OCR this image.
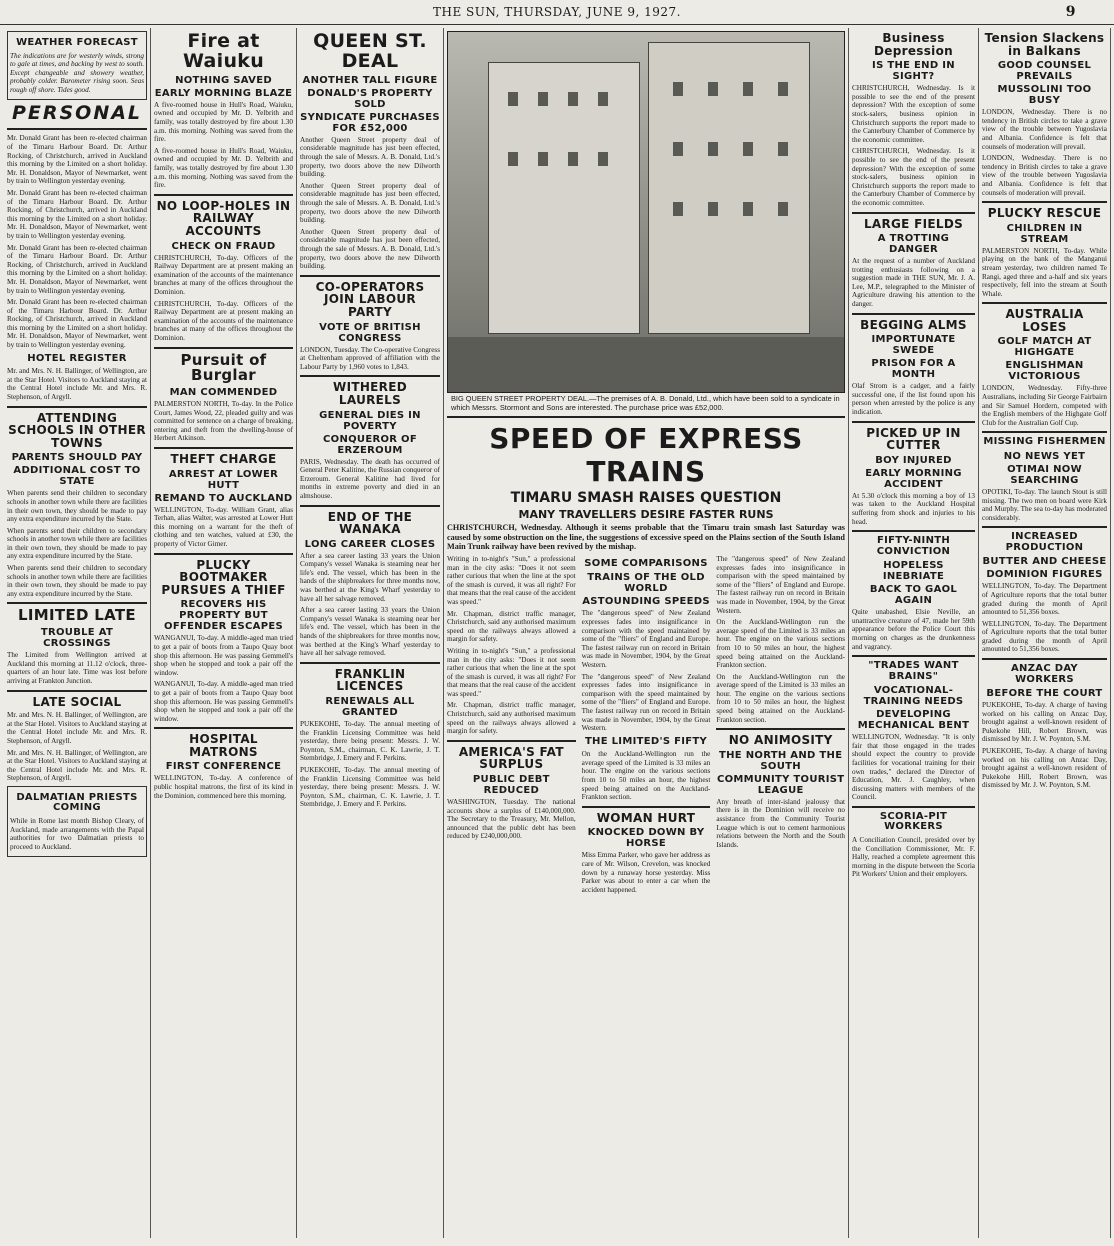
THE SUN, THURSDAY, JUNE 9, 1927.	9
WEATHER FORECAST

The indications are for westerly winds, strong to gale at times, and backing by west to south. Except changeable and showery weather, probably colder. Barometer rising soon. Seas rough off shore. Tides good.

PERSONAL

Mr. Donald Grant has been re-elected chairman of the Timaru Harbour Board. Dr. Arthur Rocking, of Christchurch, arrived in Auckland this morning by the Limited on a short holiday. Mr. H. Donaldson, Mayor of Newmarket, went by train to Wellington yesterday evening.

Mr. Donald Grant has been re-elected chairman of the Timaru Harbour Board. Dr. Arthur Rocking, of Christchurch, arrived in Auckland this morning by the Limited on a short holiday. Mr. H. Donaldson, Mayor of Newmarket, went by train to Wellington yesterday evening.

Mr. Donald Grant has been re-elected chairman of the Timaru Harbour Board. Dr. Arthur Rocking, of Christchurch, arrived in Auckland this morning by the Limited on a short holiday. Mr. H. Donaldson, Mayor of Newmarket, went by train to Wellington yesterday evening.

Mr. Donald Grant has been re-elected chairman of the Timaru Harbour Board. Dr. Arthur Rocking, of Christchurch, arrived in Auckland this morning by the Limited on a short holiday. Mr. H. Donaldson, Mayor of Newmarket, went by train to Wellington yesterday evening.

HOTEL REGISTER

Mr. and Mrs. N. H. Ballinger, of Wellington, are at the Star Hotel. Visitors to Auckland staying at the Central Hotel include Mr. and Mrs. R. Stephenson, of Argyll.

ATTENDING SCHOOLS IN OTHER TOWNS
PARENTS SHOULD PAY
ADDITIONAL COST TO STATE

When parents send their children to secondary schools in another town while there are facilities in their own town, they should be made to pay any extra expenditure incurred by the State.

When parents send their children to secondary schools in another town while there are facilities in their own town, they should be made to pay any extra expenditure incurred by the State.

When parents send their children to secondary schools in another town while there are facilities in their own town, they should be made to pay any extra expenditure incurred by the State.

LIMITED LATE
TROUBLE AT CROSSINGS

The Limited from Wellington arrived at Auckland this morning at 11.12 o'clock, three-quarters of an hour late. Time was lost before arriving at Frankton Junction.

LATE SOCIAL

Mr. and Mrs. N. H. Ballinger, of Wellington, are at the Star Hotel. Visitors to Auckland staying at the Central Hotel include Mr. and Mrs. R. Stephenson, of Argyll.

Mr. and Mrs. N. H. Ballinger, of Wellington, are at the Star Hotel. Visitors to Auckland staying at the Central Hotel include Mr. and Mrs. R. Stephenson, of Argyll.

DALMATIAN PRIESTS COMING

While in Rome last month Bishop Cleary, of Auckland, made arrangements with the Papal authorities for two Dalmatian priests to proceed to Auckland.

Fire at Waiuku
NOTHING SAVED
EARLY MORNING BLAZE

A five-roomed house in Hull's Road, Waiuku, owned and occupied by Mr. D. Yelbrith and family, was totally destroyed by fire about 1.30 a.m. this morning. Nothing was saved from the fire.

A five-roomed house in Hull's Road, Waiuku, owned and occupied by Mr. D. Yelbrith and family, was totally destroyed by fire about 1.30 a.m. this morning. Nothing was saved from the fire.

NO LOOP-HOLES IN RAILWAY ACCOUNTS
CHECK ON FRAUD

CHRISTCHURCH, To-day. Officers of the Railway Department are at present making an examination of the accounts of the maintenance branches at many of the offices throughout the Dominion.

CHRISTCHURCH, To-day. Officers of the Railway Department are at present making an examination of the accounts of the maintenance branches at many of the offices throughout the Dominion.

Pursuit of Burglar
MAN COMMENDED

PALMERSTON NORTH, To-day. In the Police Court, James Wood, 22, pleaded guilty and was committed for sentence on a charge of breaking, entering and theft from the dwelling-house of Herbert Atkinson.

THEFT CHARGE
ARREST AT LOWER HUTT
REMAND TO AUCKLAND

WELLINGTON, To-day. William Grant, alias Terhan, alias Walter, was arrested at Lower Hutt this morning on a warrant for the theft of clothing and ten watches, valued at £30, the property of Victor Gimer.

PLUCKY BOOTMAKER PURSUES A THIEF
RECOVERS HIS PROPERTY BUT OFFENDER ESCAPES

WANGANUI, To-day. A middle-aged man tried to get a pair of boots from a Taupo Quay boot shop this afternoon. He was passing Gemmell's shop when he stopped and took a pair off the window.

WANGANUI, To-day. A middle-aged man tried to get a pair of boots from a Taupo Quay boot shop this afternoon. He was passing Gemmell's shop when he stopped and took a pair off the window.

HOSPITAL MATRONS
FIRST CONFERENCE

WELLINGTON, To-day. A conference of public hospital matrons, the first of its kind in the Dominion, commenced here this morning.

QUEEN ST. DEAL
ANOTHER TALL FIGURE
DONALD'S PROPERTY SOLD
SYNDICATE PURCHASES FOR £52,000

Another Queen Street property deal of considerable magnitude has just been effected, through the sale of Messrs. A. B. Donald, Ltd.'s property, two doors above the new Dilworth building.

Another Queen Street property deal of considerable magnitude has just been effected, through the sale of Messrs. A. B. Donald, Ltd.'s property, two doors above the new Dilworth building.

Another Queen Street property deal of considerable magnitude has just been effected, through the sale of Messrs. A. B. Donald, Ltd.'s property, two doors above the new Dilworth building.

CO-OPERATORS JOIN LABOUR PARTY
VOTE OF BRITISH CONGRESS

LONDON, Tuesday. The Co-operative Congress at Cheltenham approved of affiliation with the Labour Party by 1,960 votes to 1,843.

WITHERED LAURELS
GENERAL DIES IN POVERTY
CONQUEROR OF ERZEROUM

PARIS, Wednesday. The death has occurred of General Peter Kalitine, the Russian conqueror of Erzeroum. General Kalitine had lived for months in extreme poverty and died in an almshouse.

END OF THE WANAKA
LONG CAREER CLOSES

After a sea career lasting 33 years the Union Company's vessel Wanaka is steaming near her life's end. The vessel, which has been in the hands of the shipbreakers for three months now, was berthed at the King's Wharf yesterday to have all her salvage removed.

After a sea career lasting 33 years the Union Company's vessel Wanaka is steaming near her life's end. The vessel, which has been in the hands of the shipbreakers for three months now, was berthed at the King's Wharf yesterday to have all her salvage removed.

FRANKLIN LICENCES
RENEWALS ALL GRANTED

PUKEKOHE, To-day. The annual meeting of the Franklin Licensing Committee was held yesterday, there being present: Messrs. J. W. Poynton, S.M., chairman, C. K. Lawrie, J. T. Stembridge, J. Emery and F. Perkins.

PUKEKOHE, To-day. The annual meeting of the Franklin Licensing Committee was held yesterday, there being present: Messrs. J. W. Poynton, S.M., chairman, C. K. Lawrie, J. T. Stembridge, J. Emery and F. Perkins.

BIG QUEEN STREET PROPERTY DEAL.—The premises of A. B. Donald, Ltd., which have been sold to a syndicate in which Messrs. Stormont and Sons are interested. The purchase price was £52,000.
SPEED OF EXPRESS TRAINS
TIMARU SMASH RAISES QUESTION
MANY TRAVELLERS DESIRE FASTER RUNS

CHRISTCHURCH, Wednesday. Although it seems probable that the Timaru train smash last Saturday was caused by some obstruction on the line, the suggestions of excessive speed on the Plains section of the South Island Main Trunk railway have been revived by the mishap.

Writing in to-night's "Sun," a professional man in the city asks: "Does it not seem rather curious that when the line at the spot of the smash is curved, it was all right? For that means that the real cause of the accident was speed."

Mr. Chapman, district traffic manager, Christchurch, said any authorised maximum speed on the railways always allowed a margin for safety.

Writing in to-night's "Sun," a professional man in the city asks: "Does it not seem rather curious that when the line at the spot of the smash is curved, it was all right? For that means that the real cause of the accident was speed."

Mr. Chapman, district traffic manager, Christchurch, said any authorised maximum speed on the railways always allowed a margin for safety.

AMERICA'S FAT SURPLUS
PUBLIC DEBT REDUCED

WASHINGTON, Tuesday. The national accounts show a surplus of £140,000,000. The Secretary to the Treasury, Mr. Mellon, announced that the public debt has been reduced by £240,000,000.

SOME COMPARISONS
TRAINS OF THE OLD WORLD
ASTOUNDING SPEEDS

The "dangerous speed" of New Zealand expresses fades into insignificance in comparison with the speed maintained by some of the "fliers" of England and Europe. The fastest railway run on record in Britain was made in November, 1904, by the Great Western.

The "dangerous speed" of New Zealand expresses fades into insignificance in comparison with the speed maintained by some of the "fliers" of England and Europe. The fastest railway run on record in Britain was made in November, 1904, by the Great Western.

THE LIMITED'S FIFTY

On the Auckland-Wellington run the average speed of the Limited is 33 miles an hour. The engine on the various sections from 10 to 50 miles an hour, the highest speed being attained on the Auckland-Frankton section.

WOMAN HURT
KNOCKED DOWN BY HORSE

Miss Emma Parker, who gave her address as care of Mr. Wilson, Crevelon, was knocked down by a runaway horse yesterday. Miss Parker was about to enter a car when the accident happened.

The "dangerous speed" of New Zealand expresses fades into insignificance in comparison with the speed maintained by some of the "fliers" of England and Europe. The fastest railway run on record in Britain was made in November, 1904, by the Great Western.

On the Auckland-Wellington run the average speed of the Limited is 33 miles an hour. The engine on the various sections from 10 to 50 miles an hour, the highest speed being attained on the Auckland-Frankton section.

On the Auckland-Wellington run the average speed of the Limited is 33 miles an hour. The engine on the various sections from 10 to 50 miles an hour, the highest speed being attained on the Auckland-Frankton section.

NO ANIMOSITY
THE NORTH AND THE SOUTH
COMMUNITY TOURIST LEAGUE

Any breath of inter-island jealousy that there is in the Dominion will receive no assistance from the Community Tourist League which is out to cement harmonious relations between the North and the South Islands.

Business Depression
IS THE END IN SIGHT?

CHRISTCHURCH, Wednesday. Is it possible to see the end of the present depression? With the exception of some stock-salers, business opinion in Christchurch supports the report made to the Canterbury Chamber of Commerce by the economic committee.

CHRISTCHURCH, Wednesday. Is it possible to see the end of the present depression? With the exception of some stock-salers, business opinion in Christchurch supports the report made to the Canterbury Chamber of Commerce by the economic committee.

LARGE FIELDS
A TROTTING DANGER

At the request of a number of Auckland trotting enthusiasts following on a suggestion made in THE SUN, Mr. J. A. Lee, M.P., telegraphed to the Minister of Agriculture drawing his attention to the danger.

BEGGING ALMS
IMPORTUNATE SWEDE
PRISON FOR A MONTH

Olaf Strom is a cadger, and a fairly successful one, if the list found upon his person when arrested by the police is any indication.

PICKED UP IN CUTTER
BOY INJURED
EARLY MORNING ACCIDENT

At 5.30 o'clock this morning a boy of 13 was taken to the Auckland Hospital suffering from shock and injuries to his head.

FIFTY-NINTH CONVICTION
HOPELESS INEBRIATE
BACK TO GAOL AGAIN

Quite unabashed, Elsie Neville, an unattractive creature of 47, made her 59th appearance before the Police Court this morning on charges as the drunkenness and vagrancy.

"TRADES WANT BRAINS"
VOCATIONAL-TRAINING NEEDS
DEVELOPING MECHANICAL BENT

WELLINGTON, Wednesday. "It is only fair that those engaged in the trades should expect the country to provide facilities for vocational training for their own trades," declared the Director of Education, Mr. J. Caughley, when discussing matters with members of the Council.

SCORIA-PIT WORKERS

A Conciliation Council, presided over by the Conciliation Commissioner, Mr. F. Hally, reached a complete agreement this morning in the dispute between the Scoria Pit Workers' Union and their employers.

Tension Slackens in Balkans
GOOD COUNSEL PREVAILS
MUSSOLINI TOO BUSY

LONDON, Wednesday. There is no tendency in British circles to take a grave view of the trouble between Yugoslavia and Albania. Confidence is felt that counsels of moderation will prevail.

LONDON, Wednesday. There is no tendency in British circles to take a grave view of the trouble between Yugoslavia and Albania. Confidence is felt that counsels of moderation will prevail.

PLUCKY RESCUE
CHILDREN IN STREAM

PALMERSTON NORTH, To-day. While playing on the bank of the Manganui stream yesterday, two children named Te Rangi, aged three and a-half and six years respectively, fell into the stream at South Whale.

AUSTRALIA LOSES
GOLF MATCH AT HIGHGATE
ENGLISHMAN VICTORIOUS

LONDON, Wednesday. Fifty-three Australians, including Sir George Fairbairn and Sir Samuel Hordern, competed with the English members of the Highgate Golf Club for the Australian Golf Cup.

MISSING FISHERMEN
NO NEWS YET
OTIMAI NOW SEARCHING

OPOTIKI, To-day. The launch Stout is still missing. The two men on board were Kirk and Murphy. The sea to-day has moderated considerably.

INCREASED PRODUCTION
BUTTER AND CHEESE
DOMINION FIGURES

WELLINGTON, To-day. The Department of Agriculture reports that the total butter graded during the month of April amounted to 51,356 boxes.

WELLINGTON, To-day. The Department of Agriculture reports that the total butter graded during the month of April amounted to 51,356 boxes.

ANZAC DAY WORKERS
BEFORE THE COURT

PUKEKOHE, To-day. A charge of having worked on his calling on Anzac Day, brought against a well-known resident of Pukekohe Hill, Robert Brown, was dismissed by Mr. J. W. Poynton, S.M.

PUKEKOHE, To-day. A charge of having worked on his calling on Anzac Day, brought against a well-known resident of Pukekohe Hill, Robert Brown, was dismissed by Mr. J. W. Poynton, S.M.
